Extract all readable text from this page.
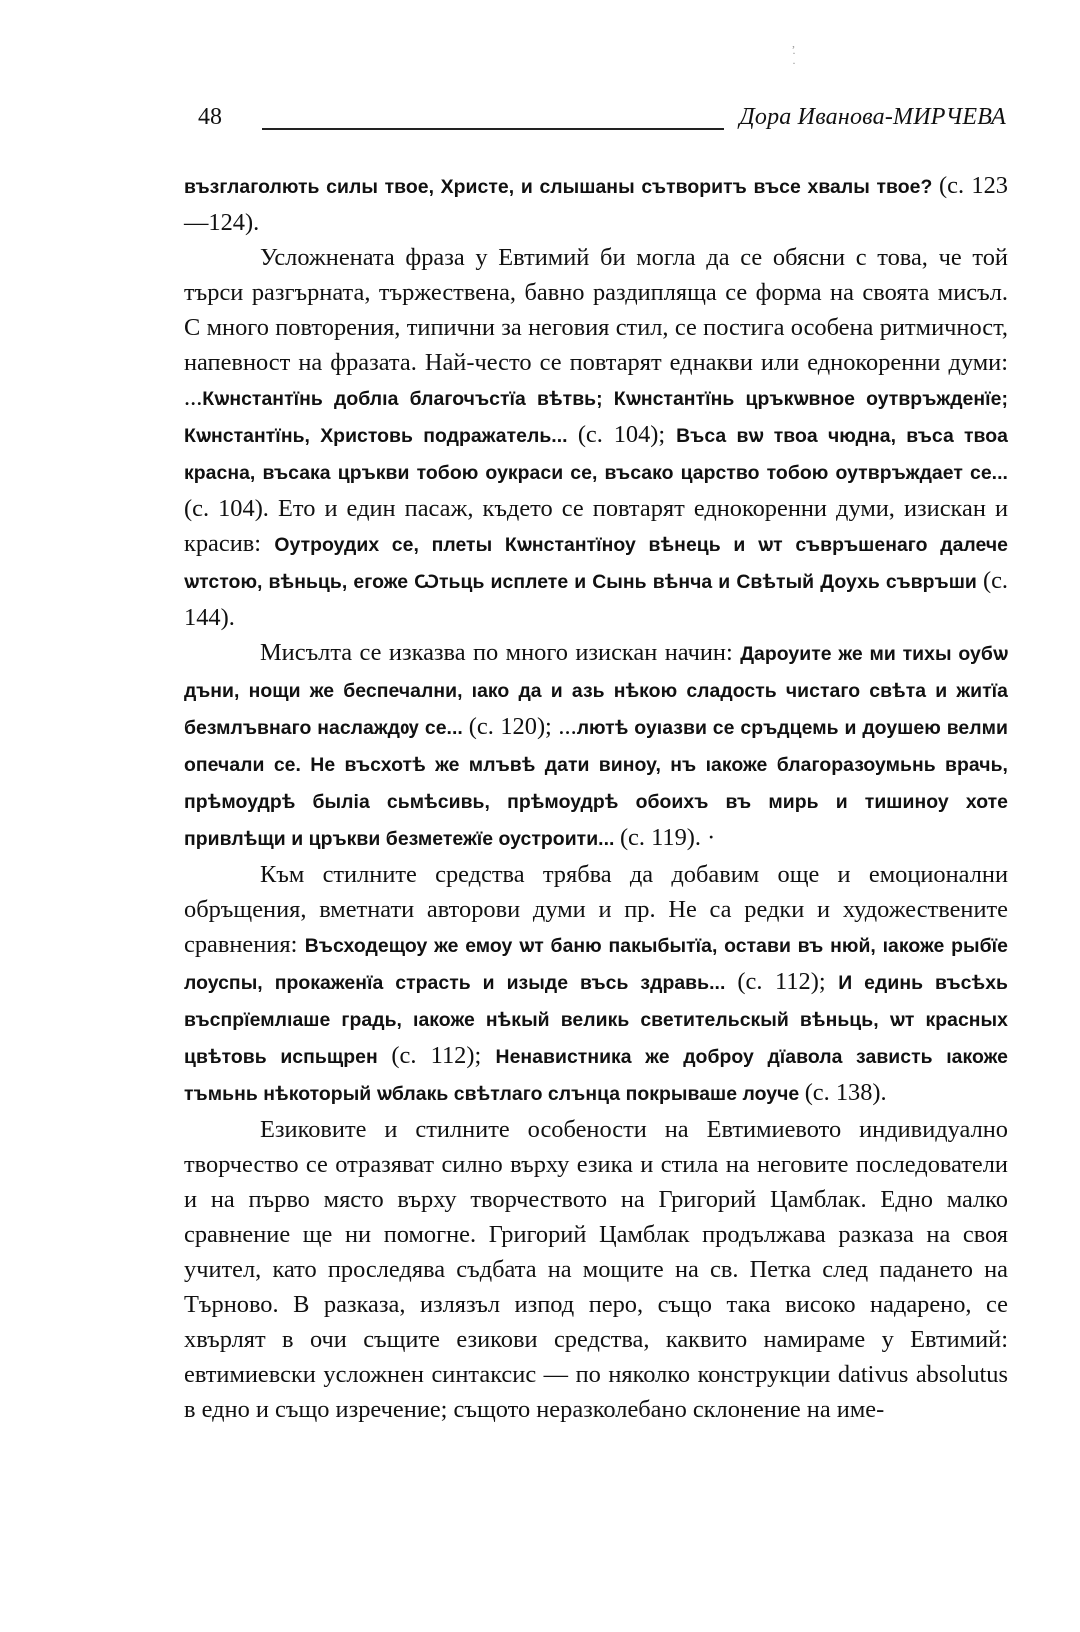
,
·
·
48	Дора Иванова-МИРЧЕВА

възглаголють силы твое, Христе, и слышаны сътворитъ въсе хвалы твое? (с. 123—124).

Усложнената фраза у Евтимий би могла да се обясни с това, че той търси разгърната, тържествена, бавно раздипляща се форма на своята мисъл. С много повторения, типични за неговия стил, се постига особена ритмичност, напевност на фразата. Най-често се повтарят еднакви или еднокоренни думи: ...Кѡнстантїнь доблıа благочъстїа вѣтвь; Кѡнстантїнь цръкѡвное оутвръжденїе; Кѡнстантїнь, Христовь подражатель... (с. 104); Въса вѡ твоа чюдна, въса твоа красна, въсака цръкви тобою оукраси се, въсако царство тобою оутвръждает се... (с. 104). Ето и един пасаж, където се повтарят еднокоренни думи, изискан и красив: Оутроудих се, плеты Кѡнстантїноу вѣнець и ѡт съвръшенаго далече ѡтстою, вѣньць, егоже Ѡтьць исплете и Сынь вѣнча и Свѣтый Доухь съвръши (с. 144).

Мисълта се изказва по много изискан начин: Дароуите же ми тихы оубѡ дъни, нощи же беспечални, ıако да и азь нѣкою сладость чистаго свѣта и житїа безмлъвнаго наслаждѹ се... (с. 120); ...лютѣ оуıазви се сръдцемь и доушею велми опечали се. Не въсхотѣ же млъвѣ дати виноу, нъ ıакоже благоразоумьнь врачь, прѣмоудрѣ быліа сьмѣсивь, прѣмоудрѣ обоихъ въ мирь и тишиноу хоте привлѣщи и цръкви безметежїе оустроити... (с. 119). ·

Към стилните средства трябва да добавим още и емоционални обръщения, вметнати авторови думи и пр. Не са редки и художествените сравнения: Въсходещоу же емоу ѡт баню пакыбытїа, остави въ нюй, ıакоже рыбїе лоуспы, прокаженїа страсть и изыде въсь здравь... (с. 112); И единь въсѣхь въспрїемлıаше градь, ıакоже нѣкый великь светительскый вѣньць, ѡт красных цвѣтовь испьщрен (с. 112); Ненавистника же доброу дїавола зависть ıакоже тъмьнь нѣкоторый ѡблакь свѣтлаго слънца покрываше лоуче (с. 138).

Езиковите и стилните особености на Евтимиевото индивидуално творчество се отразяват силно върху езика и стила на неговите последователи и на първо място върху творчеството на Григорий Цамблак. Едно малко сравнение ще ни помогне. Григорий Цамблак продължава разказа на своя учител, като проследява съдбата на мощите на св. Петка след падането на Търново. В разказа, излязъл изпод перо, също така високо надарено, се хвърлят в очи същите езикови средства, каквито намираме у Евтимий: евтимиевски усложнен синтаксис — по няколко конструкции dativus absolutus в едно и също изречение; същото неразколебано склонение на име-
